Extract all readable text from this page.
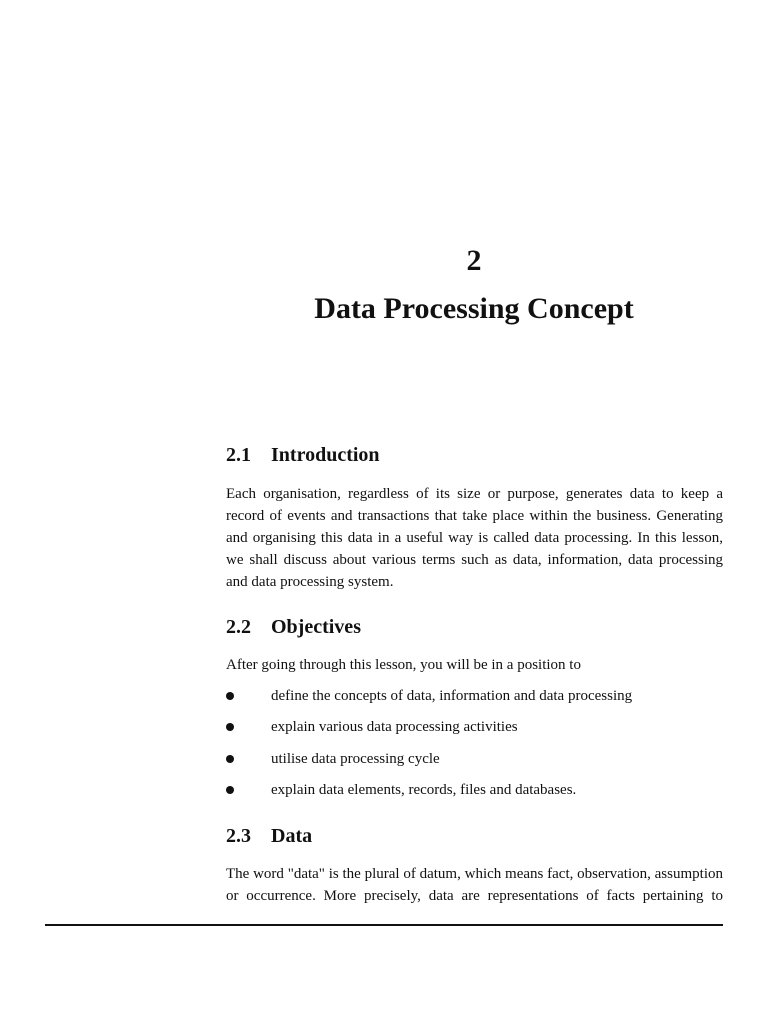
2
Data Processing Concept
2.1 Introduction
Each organisation, regardless of its size or purpose, generates data to keep a
record of events and transactions that take place within the business. Generating
and organising this data in a useful way is called data processing. In this lesson,
we shall discuss about various terms such as data, information, data processing
and data processing system.
2.2 Objectives
After going through this lesson, you will be in a position to
define the concepts of data, information and data processing
explain various data processing activities
utilise data processing cycle
explain data elements, records, files and databases.
2.3 Data
The word "data" is the plural of datum, which means fact, observation, assumption
or occurrence. More precisely, data are representations of facts pertaining to
